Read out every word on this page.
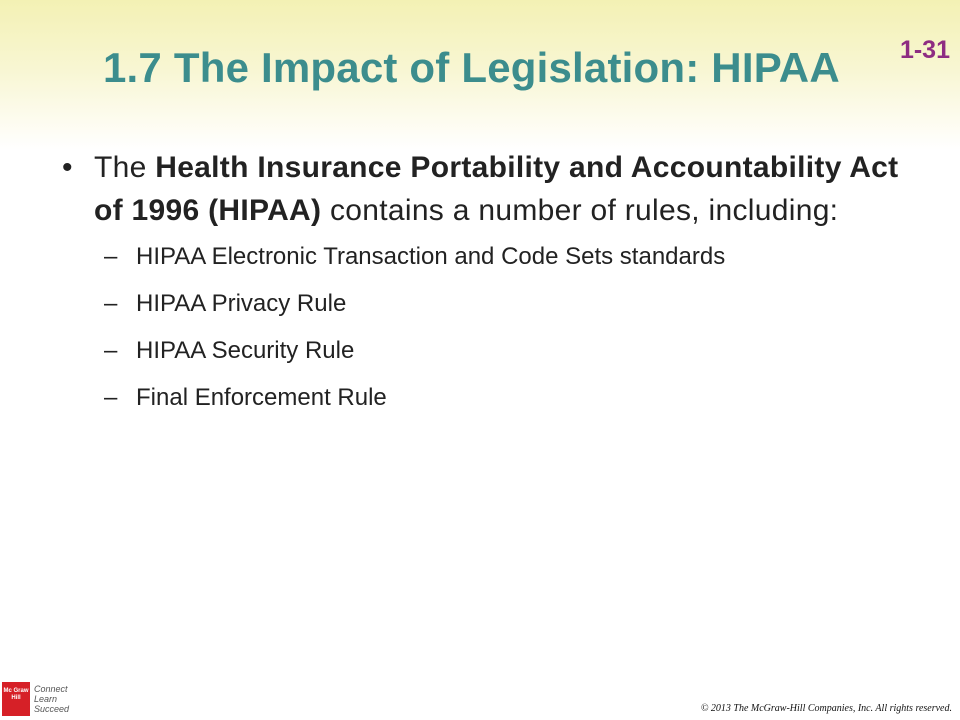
1-31
1.7 The Impact of Legislation: HIPAA
• The Health Insurance Portability and Accountability Act of 1996 (HIPAA) contains a number of rules, including:
– HIPAA Electronic Transaction and Code Sets standards
– HIPAA Privacy Rule
– HIPAA Security Rule
– Final Enforcement Rule
Mc Graw Hill
Connect
Learn
Succeed	© 2013 The McGraw-Hill Companies, Inc. All rights reserved.
